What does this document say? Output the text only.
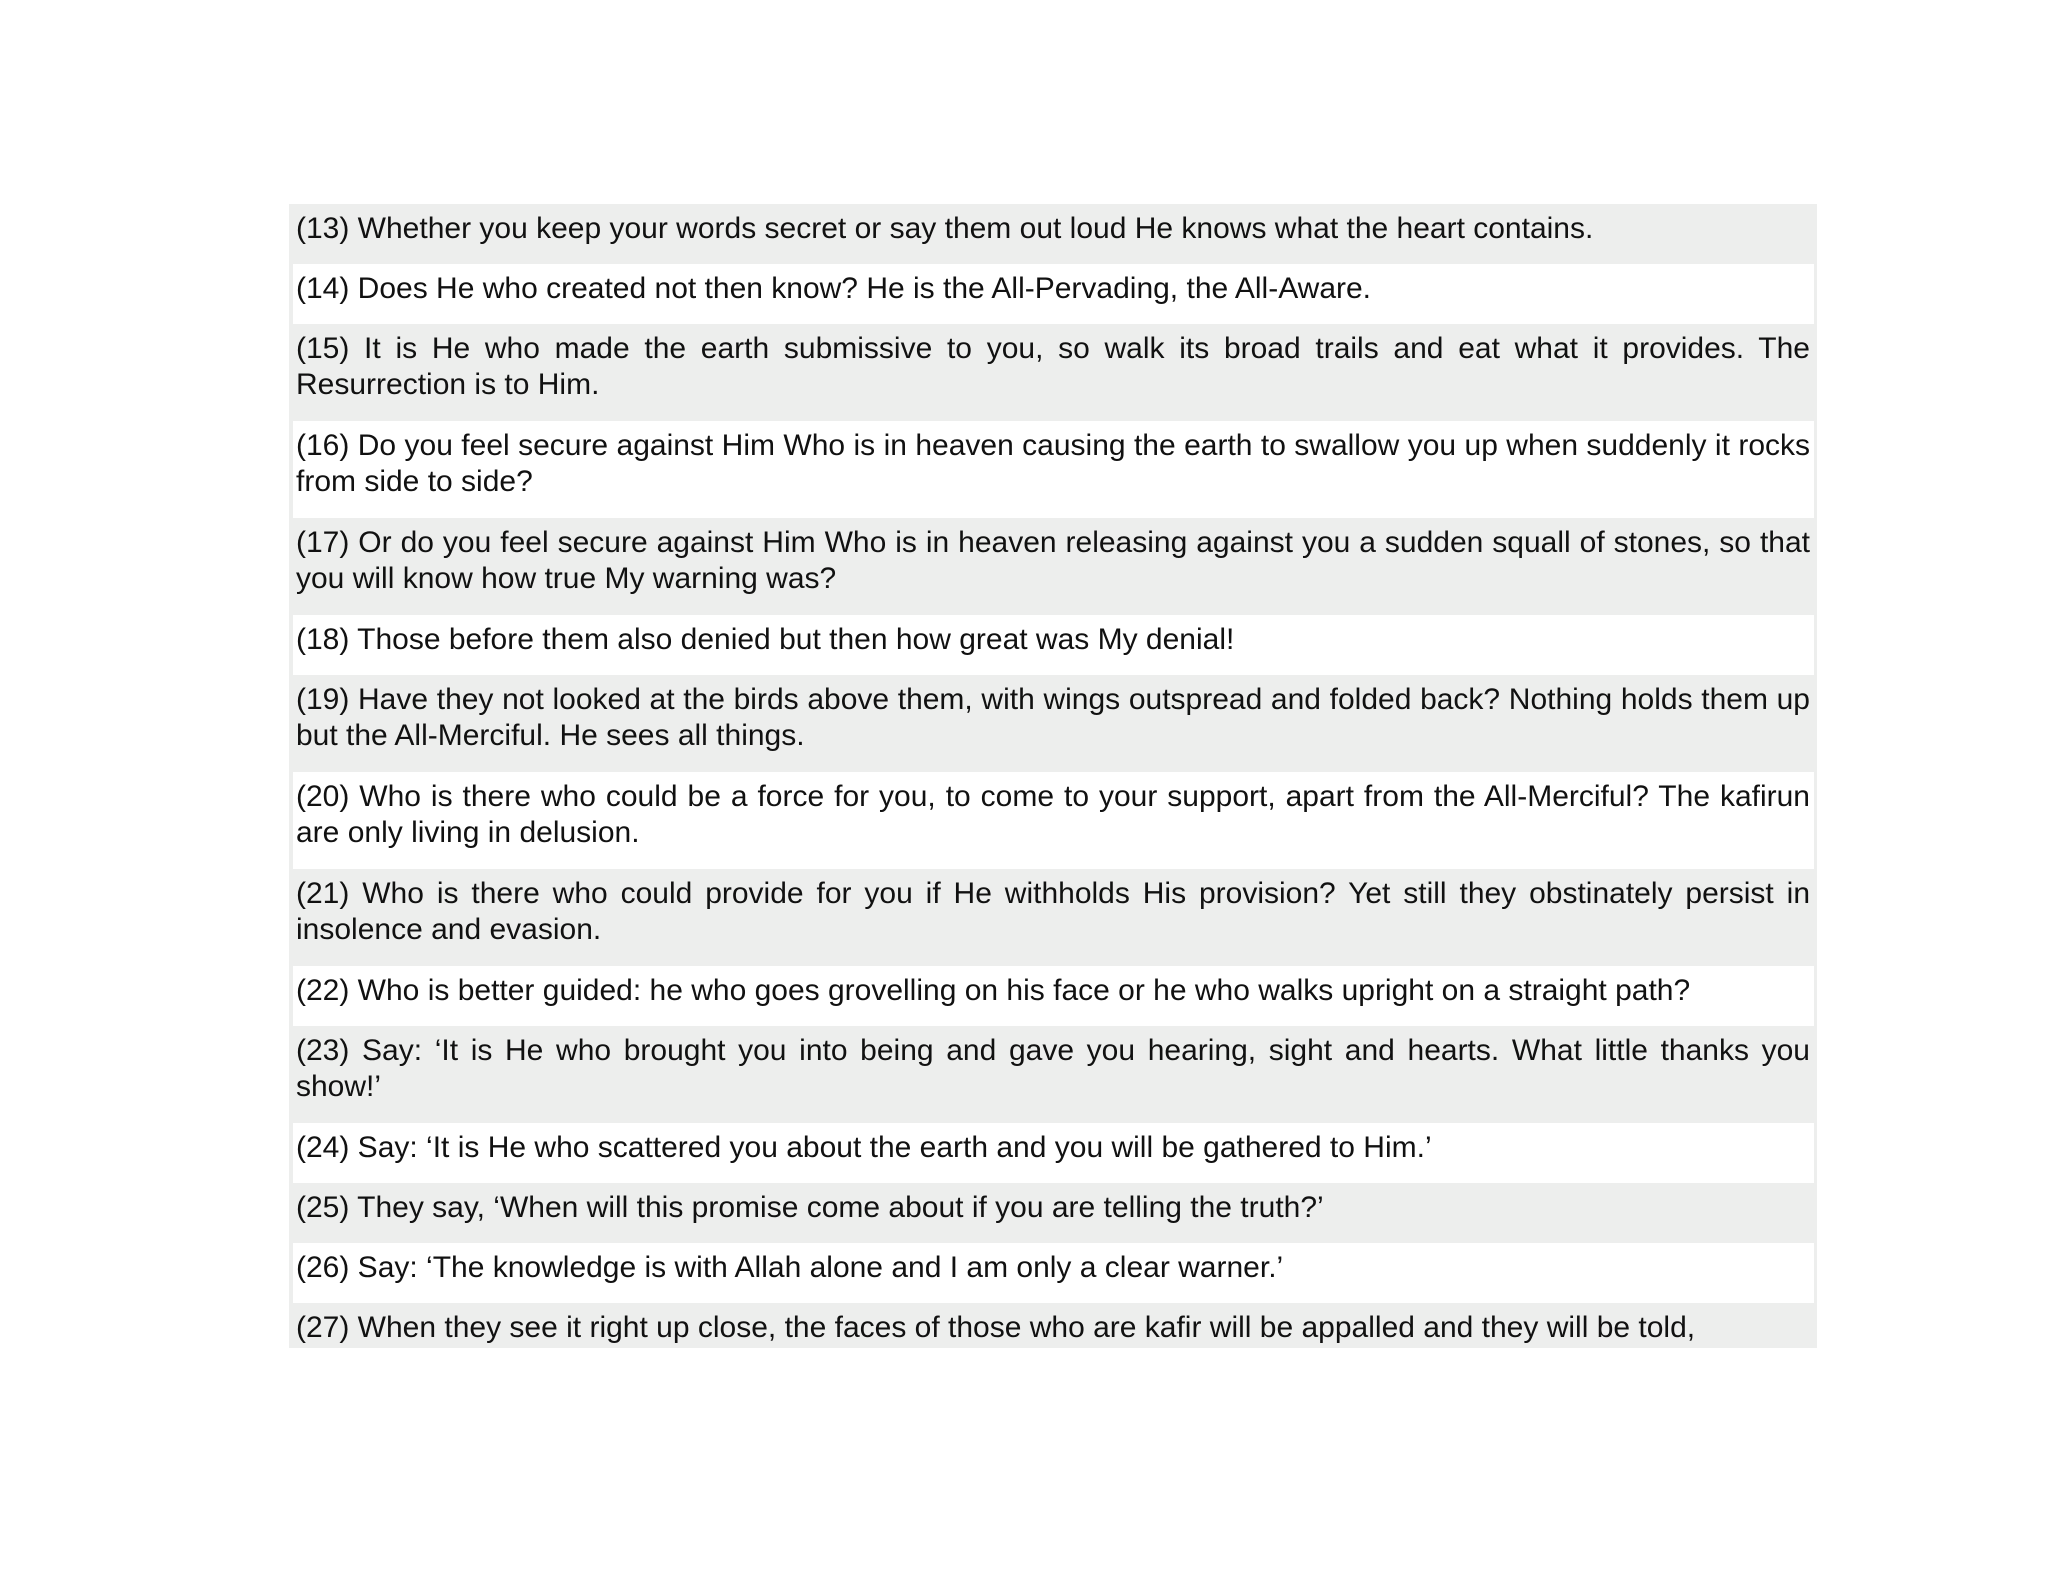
(13) Whether you keep your words secret or say them out loud He knows what the heart contains.
(14) Does He who created not then know? He is the All-Pervading, the All-Aware.
(15) It is He who made the earth submissive to you, so walk its broad trails and eat what it provides. The Resurrection is to Him.
(16) Do you feel secure against Him Who is in heaven causing the earth to swallow you up when suddenly it rocks from side to side?
(17) Or do you feel secure against Him Who is in heaven releasing against you a sudden squall of stones, so that you will know how true My warning was?
(18) Those before them also denied but then how great was My denial!
(19) Have they not looked at the birds above them, with wings outspread and folded back? Nothing holds them up but the All-Merciful. He sees all things.
(20) Who is there who could be a force for you, to come to your support, apart from the All-Merciful? The kafirun are only living in delusion.
(21) Who is there who could provide for you if He withholds His provision? Yet still they obstinately persist in insolence and evasion.
(22) Who is better guided: he who goes grovelling on his face or he who walks upright on a straight path?
(23) Say: ‘It is He who brought you into being and gave you hearing, sight and hearts. What little thanks you show!’
(24) Say: ‘It is He who scattered you about the earth and you will be gathered to Him.’
(25) They say, ‘When will this promise come about if you are telling the truth?’
(26) Say: ‘The knowledge is with Allah alone and I am only a clear warner.’
(27) When they see it right up close, the faces of those who are kafir will be appalled and they will be told,
